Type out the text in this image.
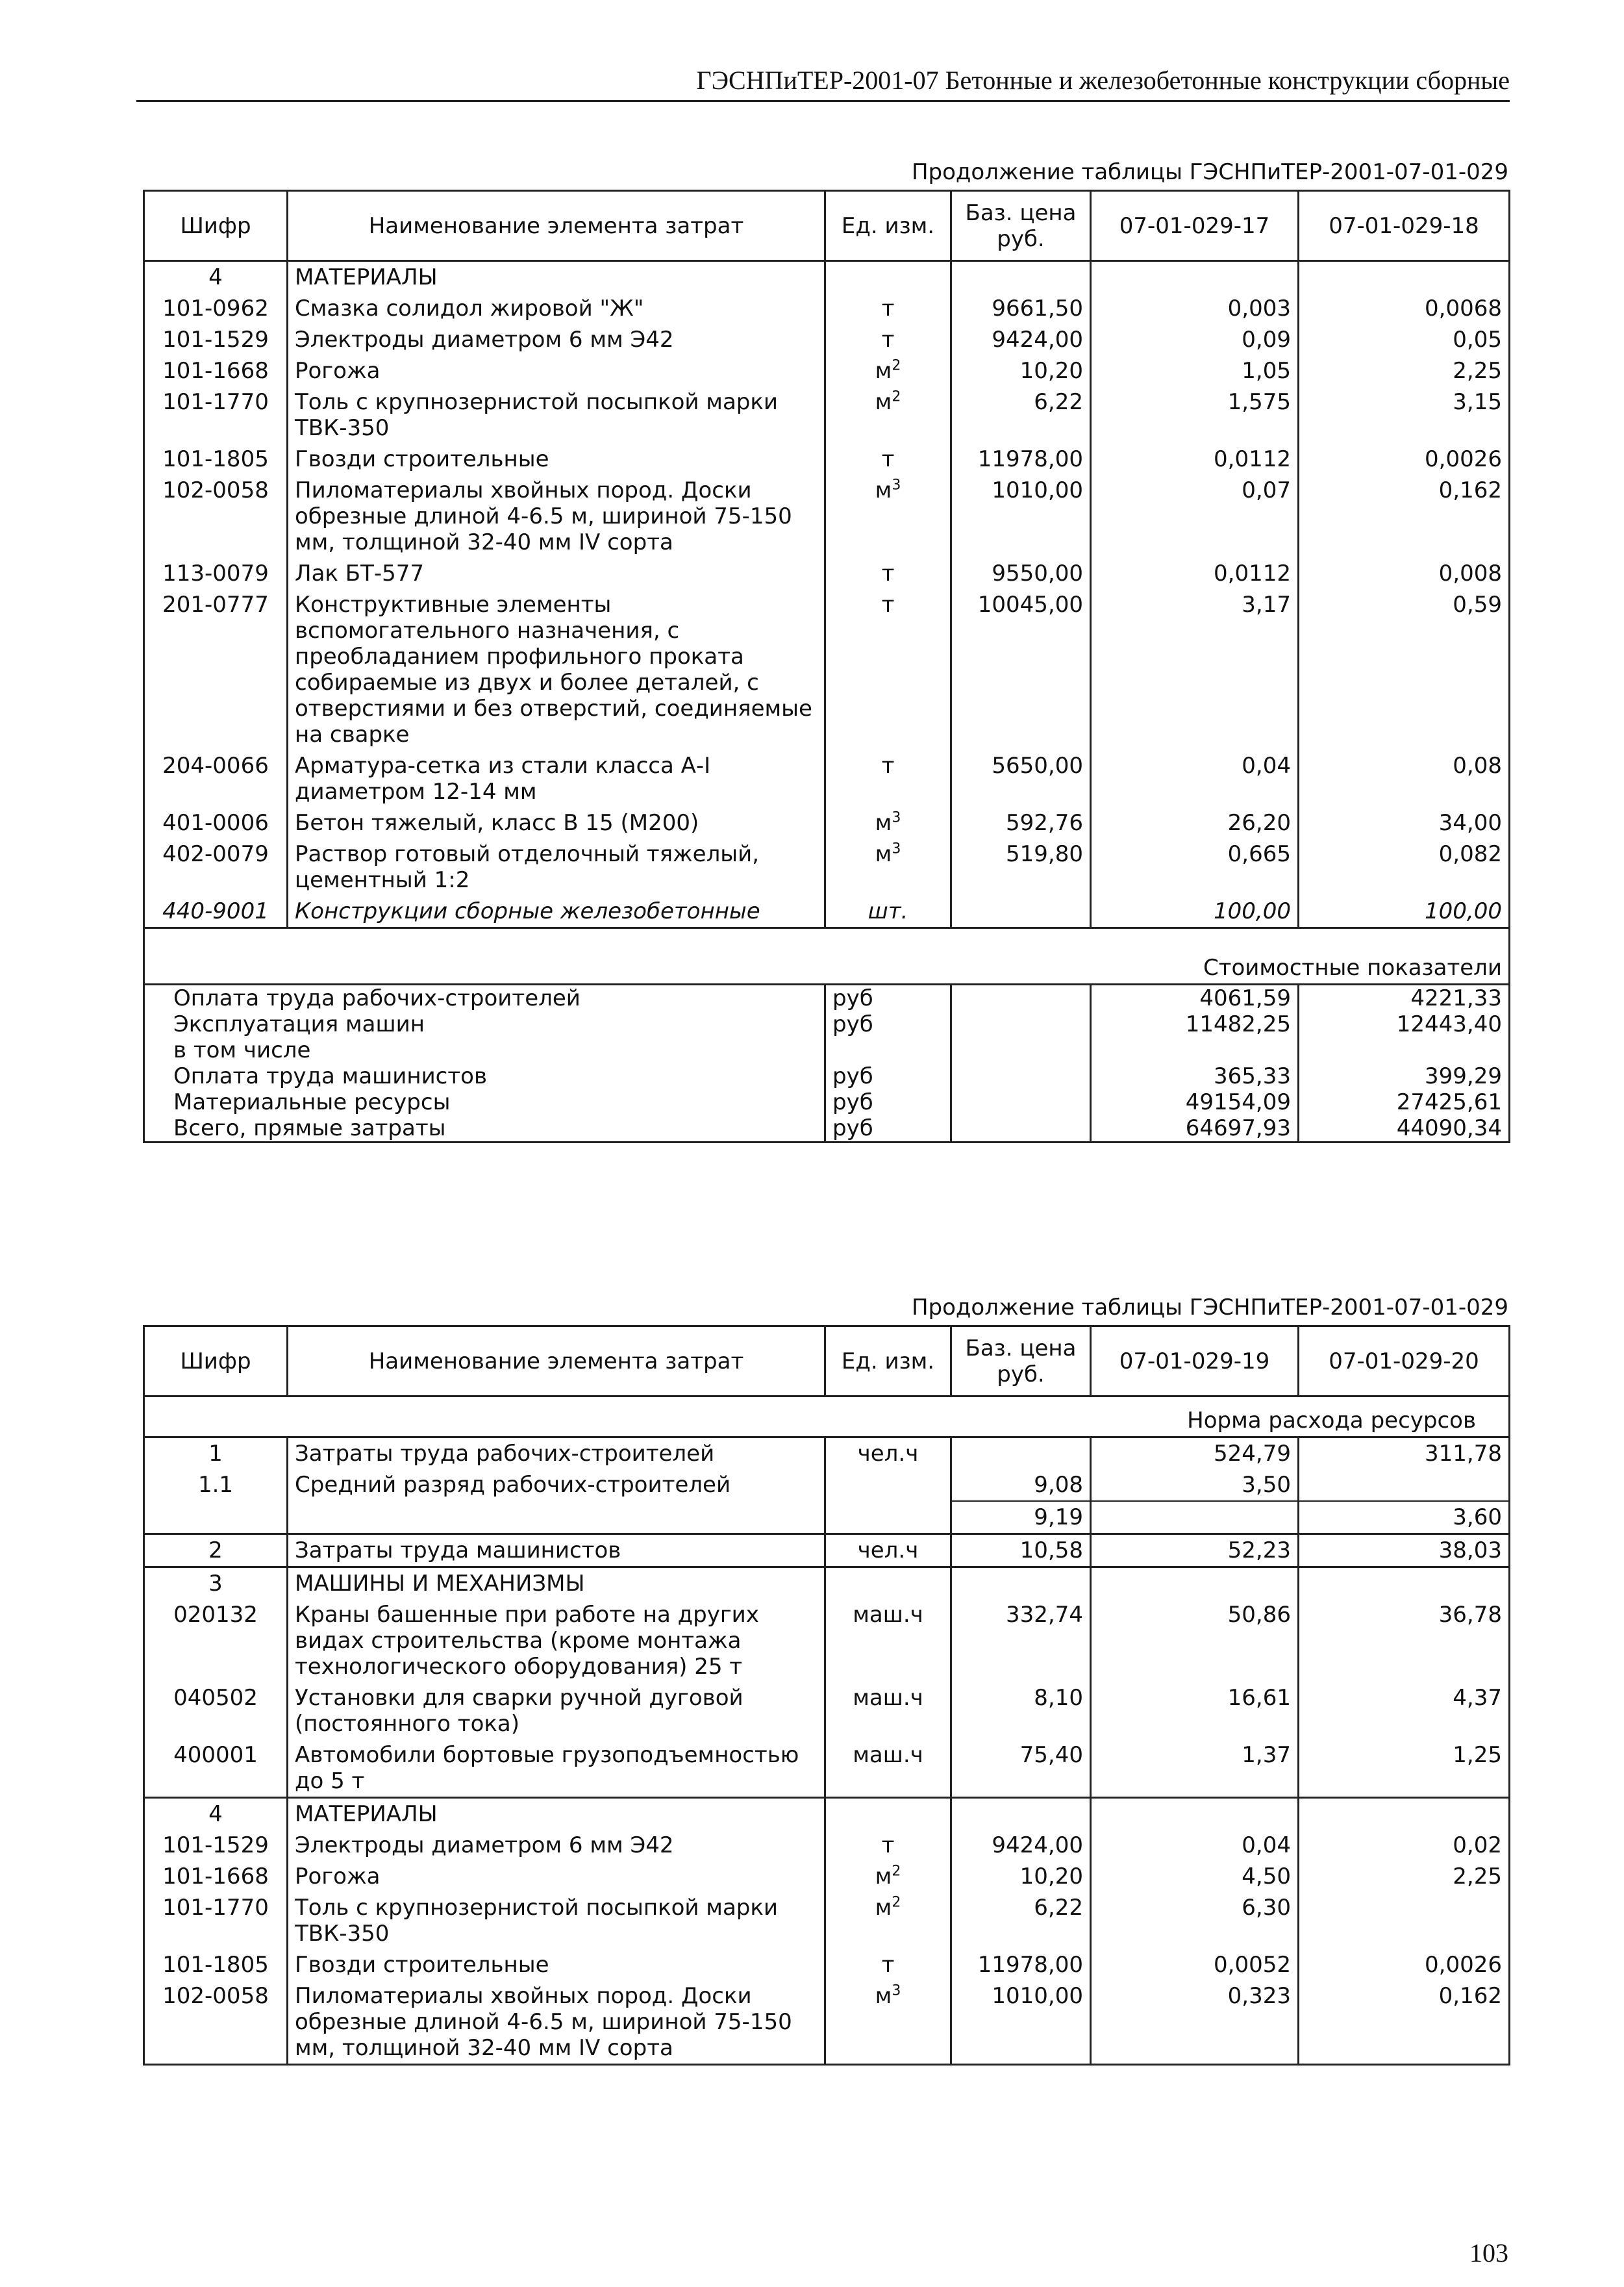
ГЭСНПиТЕР-2001-07 Бетонные и железобетонные конструкции сборные
Продолжение таблицы ГЭСНПиТЕР-2001-07-01-029
Шифр	Наименование элемента затрат	Ед. изм.	Баз. цена руб.	07-01-029-17	07-01-029-18
4	МАТЕРИАЛЫ				
101-0962	Смазка солидол жировой "Ж"	т	9661,50	0,003	0,0068
101-1529	Электроды диаметром 6 мм Э42	т	9424,00	0,09	0,05
101-1668	Рогожа	$м^2$	10,20	1,05	2,25
101-1770	Толь с крупнозернистой посыпкой марки ТВК-350	$м^2$	6,22	1,575	3,15
101-1805	Гвозди строительные	т	11978,00	0,0112	0,0026
102-0058	Пиломатериалы хвойных пород. Доски обрезные длиной 4-6.5 м, шириной 75-150 мм, толщиной 32-40 мм IV сорта	$м^3$	1010,00	0,07	0,162
113-0079	Лак БТ-577	т	9550,00	0,0112	0,008
201-0777	Конструктивные элементы вспомогательного назначения, с преобладанием профильного проката собираемые из двух и более деталей, с отверстиями и без отверстий, соединяемые на сварке	т	10045,00	3,17	0,59
204-0066	Арматура-сетка из стали класса А-I диаметром 12-14 мм	т	5650,00	0,04	0,08
401-0006	Бетон тяжелый, класс В 15 (М200)	$м^3$	592,76	26,20	34,00
402-0079	Раствор готовый отделочный тяжелый, цементный 1:2	$м^3$	519,80	0,665	0,082
440-9001	Конструкции сборные железобетонные	шт.		100,00	100,00
Стоимостные показатели					
Оплата труда рабочих-строителей		руб		4061,59	4221,33
Эксплуатация машин		руб		11482,25	12443,40
в том числе					
Оплата труда машинистов		руб		365,33	399,29
Материальные ресурсы		руб		49154,09	27425,61
Всего, прямые затраты		руб		64697,93	44090,34
Продолжение таблицы ГЭСНПиТЕР-2001-07-01-029
Шифр	Наименование элемента затрат	Ед. изм.	Баз. цена руб.	07-01-029-19	07-01-029-20
Норма расхода ресурсов					
1	Затраты труда рабочих-строителей	чел.ч		524,79	311,78
1.1	Средний разряд рабочих-строителей		9,08	3,50	
			9,19		3,60
2	Затраты труда машинистов	чел.ч	10,58	52,23	38,03
3	МАШИНЫ И МЕХАНИЗМЫ				
020132	Краны башенные при работе на других видах строительства (кроме монтажа технологического оборудования) 25 т	маш.ч	332,74	50,86	36,78
040502	Установки для сварки ручной дуговой (постоянного тока)	маш.ч	8,10	16,61	4,37
400001	Автомобили бортовые грузоподъемностью до 5 т	маш.ч	75,40	1,37	1,25
4	МАТЕРИАЛЫ				
101-1529	Электроды диаметром 6 мм Э42	т	9424,00	0,04	0,02
101-1668	Рогожа	$м^2$	10,20	4,50	2,25
101-1770	Толь с крупнозернистой посыпкой марки ТВК-350	$м^2$	6,22	6,30	
101-1805	Гвозди строительные	т	11978,00	0,0052	0,0026
102-0058	Пиломатериалы хвойных пород. Доски обрезные длиной 4-6.5 м, шириной 75-150 мм, толщиной 32-40 мм IV сорта	$м^3$	1010,00	0,323	0,162
103
